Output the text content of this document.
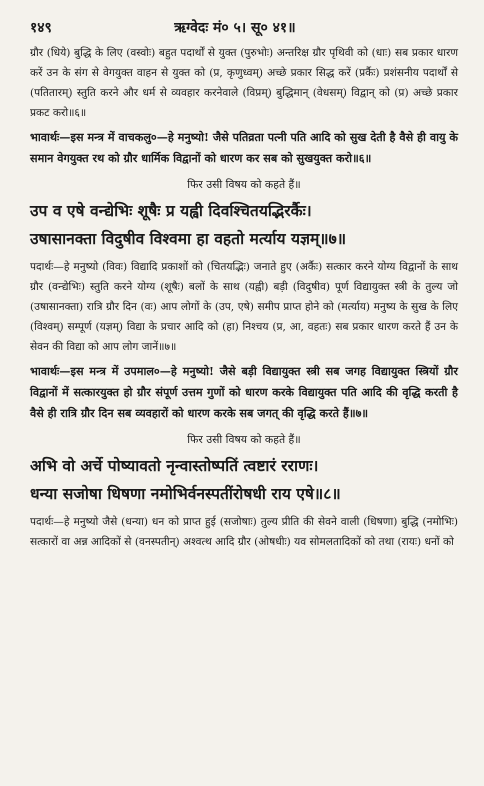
१४९	ऋग्वेदः मं० ५। सू० ४१॥

ग्रौर (धिये) बुद्धि के लिए (वस्वोः) बहुत पदार्थों से युक्त (पुरुभोः) अन्तरिक्ष ग्रौर पृथिवी को (धाः) सब प्रकार धारण करें उन के संग से वेगयुक्त वाहन से युक्त को (प्र, कृणुध्वम्) अच्छे प्रकार सिद्ध करें (प्रर्कैः) प्रशंसनीय पदार्थों से (पतितारम्) स्तुति करने और धर्म से व्यवहार करनेवाले (विप्रम्) बुद्धिमान् (वेधसम्) विद्वान् को (प्र) अच्छे प्रकार प्रकट करो॥६॥

भावार्थः—इस मन्त्र में वाचकलु०—हे मनुष्यो! जैसे पतिव्रता पत्नी पति आदि को सुख देती है वैसे ही वायु के समान वेगयुक्त रथ को ग्रौर धार्मिक विद्वानों को धारण कर सब को सुखयुक्त करो॥६॥

फिर उसी विषय को कहते हैं॥

उप व एषे वन्द्येभिः शूषैः प्र यह्वी दिवश्चितयद्भिरर्कैः।

उषासानक्ता विदुषीव विश्वमा हा वहतो मर्त्याय यज्ञम्॥७॥

पदार्थः—हे मनुष्यो (विवः) विद्यादि प्रकाशों को (चितयद्भिः) जनाते हुए (अर्कैः) सत्कार करने योग्य विद्वानों के साथ ग्रौर (वन्द्येभिः) स्तुति करने योग्य (शूषैः) बलों के साथ (यह्वी) बड़ी (विदुषीव) पूर्ण विद्यायुक्त स्त्री के तुल्य जो (उषासानक्ता) रात्रि ग्रौर दिन (वः) आप लोगों के (उप, एषे) समीप प्राप्त होने को (मर्त्याय) मनुष्य के सुख के लिए (विश्वम्) सम्पूर्ण (यज्ञम्) विद्या के प्रचार आदि को (हा) निश्चय (प्र, आ, वहतः) सब प्रकार धारण करते हैं उन के सेवन की विद्या को आप लोग जानें॥७॥

भावार्थः—इस मन्त्र में उपमाल०—हे मनुष्यो! जैसे बड़ी विद्यायुक्त स्त्री सब जगह विद्यायुक्त स्त्रियों ग्रौर विद्वानों में सत्कारयुक्त हो ग्रौर संपूर्ण उत्तम गुणों को धारण करके विद्यायुक्त पति आदि की वृद्धि करती है वैसे ही रात्रि ग्रौर दिन सब व्यवहारों को धारण करके सब जगत् की वृद्धि करते हैं॥७॥

फिर उसी विषय को कहते हैं॥

अभि वो अर्चे पोष्यावतो नृन्वास्तोष्पतिं त्वष्टारं रराणः।

धन्या सजोषा धिषणा नमोभिर्वनस्पतींरोषधी राय एषे॥८॥

पदार्थः—हे मनुष्यो जैसे (धन्या) धन को प्राप्त हुई (सजोषाः) तुल्य प्रीति की सेवने वाली (धिषणा) बुद्धि (नमोभिः) सत्कारों वा अन्न आदिकों से (वनस्पतीन्) अश्वत्थ आदि ग्रौर (ओषधीः) यव सोमलतादिकों को तथा (रायः) धनों को
